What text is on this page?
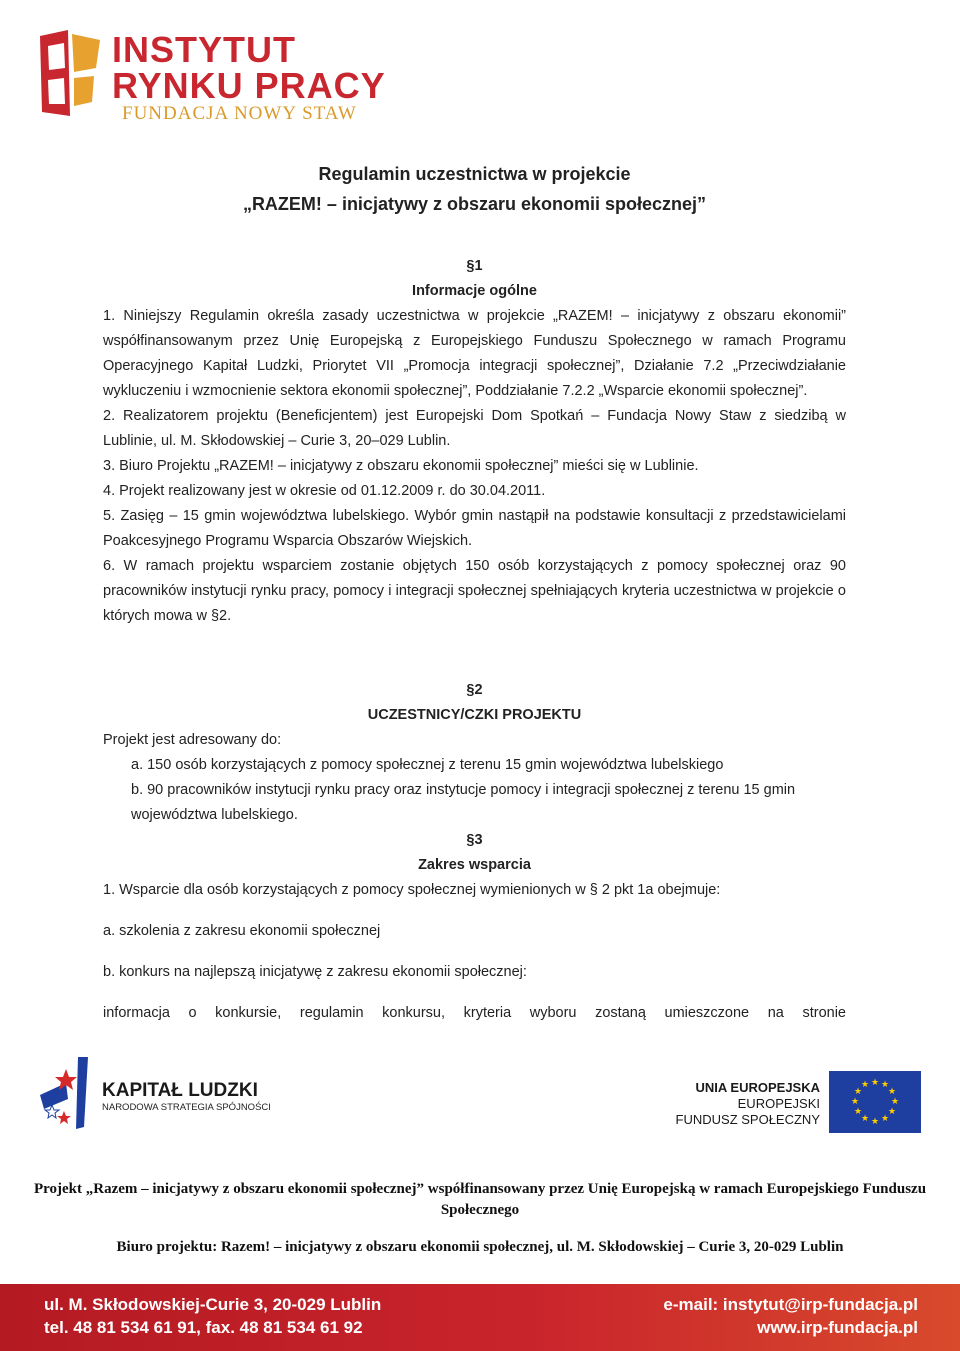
INSTYTUT
RYNKU PRACY
FUNDACJA NOWY STAW
Regulamin uczestnictwa w projekcie
„RAZEM! – inicjatywy z obszaru ekonomii społecznej”
§1
Informacje ogólne
1. Niniejszy Regulamin określa zasady uczestnictwa w projekcie „RAZEM! – inicjatywy z obszaru ekonomii” współfinansowanym przez Unię Europejską z Europejskiego Funduszu Społecznego w ramach Programu Operacyjnego Kapitał Ludzki, Priorytet VII „Promocja integracji społecznej”, Działanie 7.2 „Przeciwdziałanie wykluczeniu i wzmocnienie sektora ekonomii społecznej”, Poddziałanie 7.2.2 „Wsparcie ekonomii społecznej”.
2. Realizatorem projektu (Beneficjentem) jest Europejski Dom Spotkań – Fundacja Nowy Staw z siedzibą w Lublinie, ul. M. Skłodowskiej – Curie 3, 20–029 Lublin.
3. Biuro Projektu „RAZEM! – inicjatywy z obszaru ekonomii społecznej” mieści się w Lublinie.
4. Projekt realizowany jest w okresie od 01.12.2009 r. do 30.04.2011.
5. Zasięg – 15 gmin województwa lubelskiego. Wybór gmin nastąpił na podstawie konsultacji z przedstawicielami Poakcesyjnego Programu Wsparcia Obszarów Wiejskich.
6. W ramach projektu wsparciem zostanie objętych 150 osób korzystających z pomocy społecznej oraz 90 pracowników instytucji rynku pracy, pomocy i integracji społecznej spełniających kryteria uczestnictwa w projekcie o których mowa w §2.
§2
UCZESTNICY/CZKI PROJEKTU
Projekt jest adresowany do:
a. 150 osób korzystających z pomocy społecznej z terenu 15 gmin województwa lubelskiego
b. 90 pracowników instytucji rynku pracy oraz instytucje pomocy i integracji społecznej z terenu 15 gmin województwa lubelskiego.
§3
Zakres wsparcia
1. Wsparcie dla osób korzystających z pomocy społecznej wymienionych w § 2 pkt 1a obejmuje:
a. szkolenia z zakresu ekonomii społecznej
b. konkurs na najlepszą inicjatywę z zakresu ekonomii społecznej:
informacja o konkursie, regulamin konkursu, kryteria wyboru zostaną umieszczone na stronie
KAPITAŁ LUDZKI
NARODOWA STRATEGIA SPÓJNOŚCI
UNIA EUROPEJSKA
EUROPEJSKI
FUNDUSZ SPOŁECZNY
★ ★
★
★
★
★
★
★
★
★
★
★
Projekt „Razem – inicjatywy z obszaru ekonomii społecznej” współfinansowany przez Unię Europejską w ramach Europejskiego Funduszu Społecznego
Biuro projektu: Razem! – inicjatywy z obszaru ekonomii społecznej, ul. M. Skłodowskiej – Curie 3, 20-029 Lublin
ul. M. Skłodowskiej-Curie 3, 20-029 Lublin
tel. 48 81 534 61 91, fax. 48 81 534 61 92
e-mail: instytut@irp-fundacja.pl
www.irp-fundacja.pl
